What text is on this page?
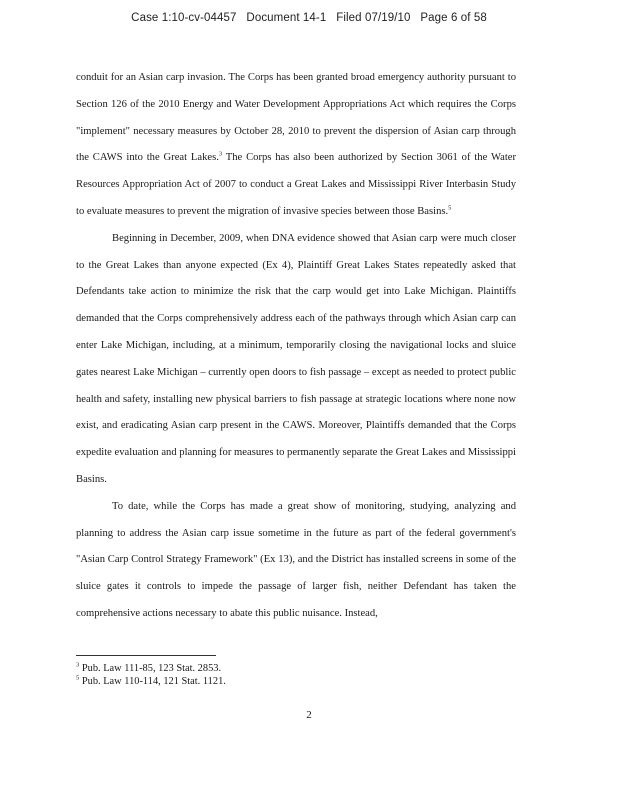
Case 1:10-cv-04457   Document 14-1   Filed 07/19/10   Page 6 of 58

conduit for an Asian carp invasion. The Corps has been granted broad emergency authority pursuant to Section 126 of the 2010 Energy and Water Development Appropriations Act which requires the Corps "implement" necessary measures by October 28, 2010 to prevent the dispersion of Asian carp through the CAWS into the Great Lakes.$^3$ The Corps has also been authorized by Section 3061 of the Water Resources Appropriation Act of 2007 to conduct a Great Lakes and Mississippi River Interbasin Study to evaluate measures to prevent the migration of invasive species between those Basins.$^5$

Beginning in December, 2009, when DNA evidence showed that Asian carp were much closer to the Great Lakes than anyone expected (Ex 4), Plaintiff Great Lakes States repeatedly asked that Defendants take action to minimize the risk that the carp would get into Lake Michigan. Plaintiffs demanded that the Corps comprehensively address each of the pathways through which Asian carp can enter Lake Michigan, including, at a minimum, temporarily closing the navigational locks and sluice gates nearest Lake Michigan – currently open doors to fish passage – except as needed to protect public health and safety, installing new physical barriers to fish passage at strategic locations where none now exist, and eradicating Asian carp present in the CAWS. Moreover, Plaintiffs demanded that the Corps expedite evaluation and planning for measures to permanently separate the Great Lakes and Mississippi Basins.

To date, while the Corps has made a great show of monitoring, studying, analyzing and planning to address the Asian carp issue sometime in the future as part of the federal government's "Asian Carp Control Strategy Framework" (Ex 13), and the District has installed screens in some of the sluice gates it controls to impede the passage of larger fish, neither Defendant has taken the comprehensive actions necessary to abate this public nuisance. Instead,

$^3$ Pub. Law 111-85, 123 Stat. 2853.
$^5$ Pub. Law 110-114, 121 Stat. 1121.
2
